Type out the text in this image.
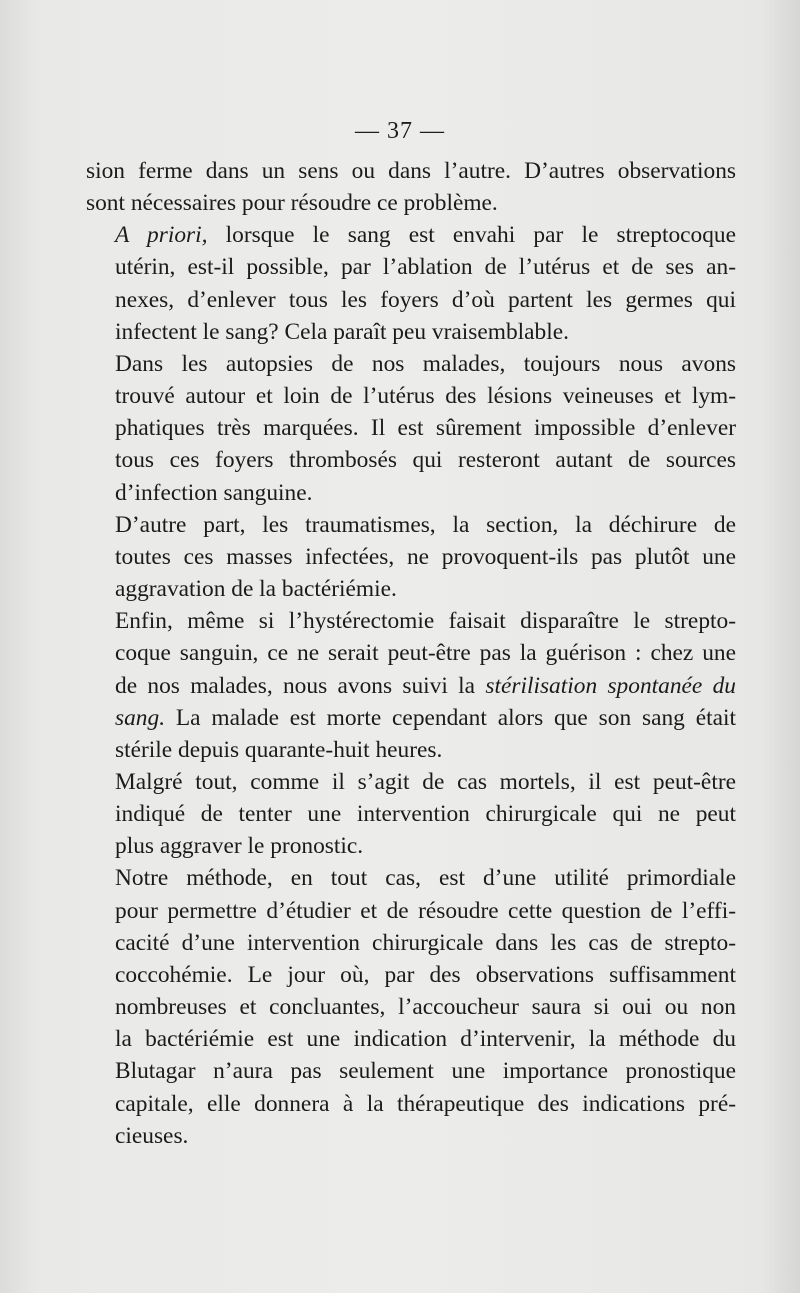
— 37 —

sion ferme dans un sens ou dans l’autre. D’autres observations
sont nécessaires pour résoudre ce problème.

A priori, lorsque le sang est envahi par le streptocoque
utérin, est-il possible, par l’ablation de l’utérus et de ses an-
nexes, d’enlever tous les foyers d’où partent les germes qui
infectent le sang? Cela paraît peu vraisemblable.

Dans les autopsies de nos malades, toujours nous avons
trouvé autour et loin de l’utérus des lésions veineuses et lym-
phatiques très marquées. Il est sûrement impossible d’enlever
tous ces foyers thrombosés qui resteront autant de sources
d’infection sanguine.

D’autre part, les traumatismes, la section, la déchirure de
toutes ces masses infectées, ne provoquent-ils pas plutôt une
aggravation de la bactériémie.

Enfin, même si l’hystérectomie faisait disparaître le strepto-
coque sanguin, ce ne serait peut-être pas la guérison : chez une
de nos malades, nous avons suivi la stérilisation spontanée du
sang. La malade est morte cependant alors que son sang était
stérile depuis quarante-huit heures.

Malgré tout, comme il s’agit de cas mortels, il est peut-être
indiqué de tenter une intervention chirurgicale qui ne peut
plus aggraver le pronostic.

Notre méthode, en tout cas, est d’une utilité primordiale
pour permettre d’étudier et de résoudre cette question de l’effi-
cacité d’une intervention chirurgicale dans les cas de strepto-
coccohémie. Le jour où, par des observations suffisamment
nombreuses et concluantes, l’accoucheur saura si oui ou non
la bactériémie est une indication d’intervenir, la méthode du
Blutagar n’aura pas seulement une importance pronostique
capitale, elle donnera à la thérapeutique des indications pré-
cieuses.
